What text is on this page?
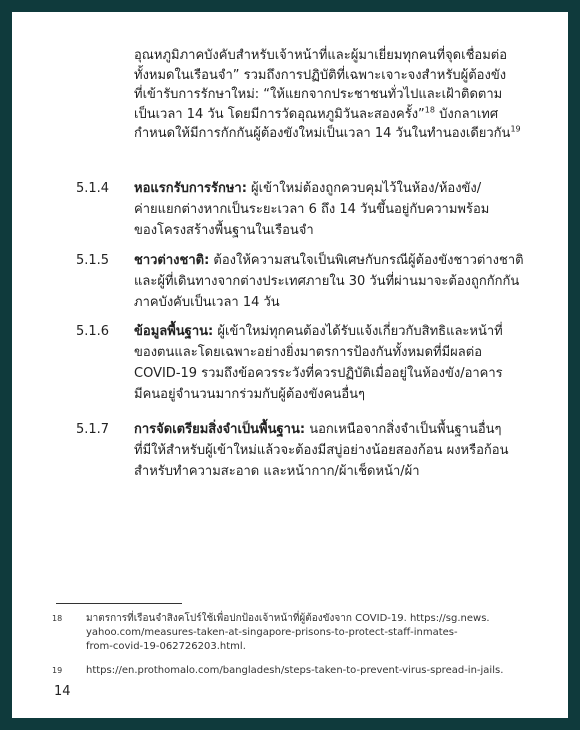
อุณหภูมิภาคบังคับสำหรับเจ้าหน้าที่และผู้มาเยี่ยมทุกคนที่จุดเชื่อมต่อ
ทั้งหมดในเรือนจำ” รวมถึงการปฏิบัติที่เฉพาะเจาะจงสำหรับผู้ต้องขัง
ที่เข้ารับการรักษาใหม่: “ให้แยกจากประชาชนทั่วไปและเฝ้าติดตาม
เป็นเวลา 14 วัน โดยมีการวัดอุณหภูมิวันละสองครั้ง”$^{18}$ บังกลาเทศ
กำหนดให้มีการกักกันผู้ต้องขังใหม่เป็นเวลา 14 วันในทำนองเดียวกัน$^{19}$
5.1.4	หอแรกรับการรักษา: ผู้เข้าใหม่ต้องถูกควบคุมไว้ในห้อง/ห้องขัง/
ค่ายแยกต่างหากเป็นระยะเวลา 6 ถึง 14 วันขึ้นอยู่กับความพร้อม
ของโครงสร้างพื้นฐานในเรือนจำ
5.1.5	ชาวต่างชาติ: ต้องให้ความสนใจเป็นพิเศษกับกรณีผู้ต้องขังชาวต่างชาติ
และผู้ที่เดินทางจากต่างประเทศภายใน 30 วันที่ผ่านมาจะต้องถูกกักกัน
ภาคบังคับเป็นเวลา 14 วัน
5.1.6	ข้อมูลพื้นฐาน: ผู้เข้าใหม่ทุกคนต้องได้รับแจ้งเกี่ยวกับสิทธิและหน้าที่
ของตนและโดยเฉพาะอย่างยิ่งมาตรการป้องกันทั้งหมดที่มีผลต่อ
COVID-19 รวมถึงข้อควรระวังที่ควรปฏิบัติเมื่ออยู่ในห้องขัง/อาคาร
มีคนอยู่จำนวนมากร่วมกับผู้ต้องขังคนอื่นๆ
5.1.7	การจัดเตรียมสิ่งจำเป็นพื้นฐาน: นอกเหนือจากสิ่งจำเป็นพื้นฐานอื่นๆ
ที่มีให้สำหรับผู้เข้าใหม่แล้วจะต้องมีสบู่อย่างน้อยสองก้อน ผงหรือก้อน
สำหรับทำความสะอาด และหน้ากาก/ผ้าเช็ดหน้า/ผ้า
18 มาตรการที่เรือนจำสิงคโปร์ใช้เพื่อปกป้องเจ้าหน้าที่ผู้ต้องขังจาก COVID-19. https://sg.news.
yahoo.com/measures-taken-at-singapore-prisons-to-protect-staff-inmates-
from-covid-19-062726203.html.
19 https://en.prothomalo.com/bangladesh/steps-taken-to-prevent-virus-spread-in-jails.
14
